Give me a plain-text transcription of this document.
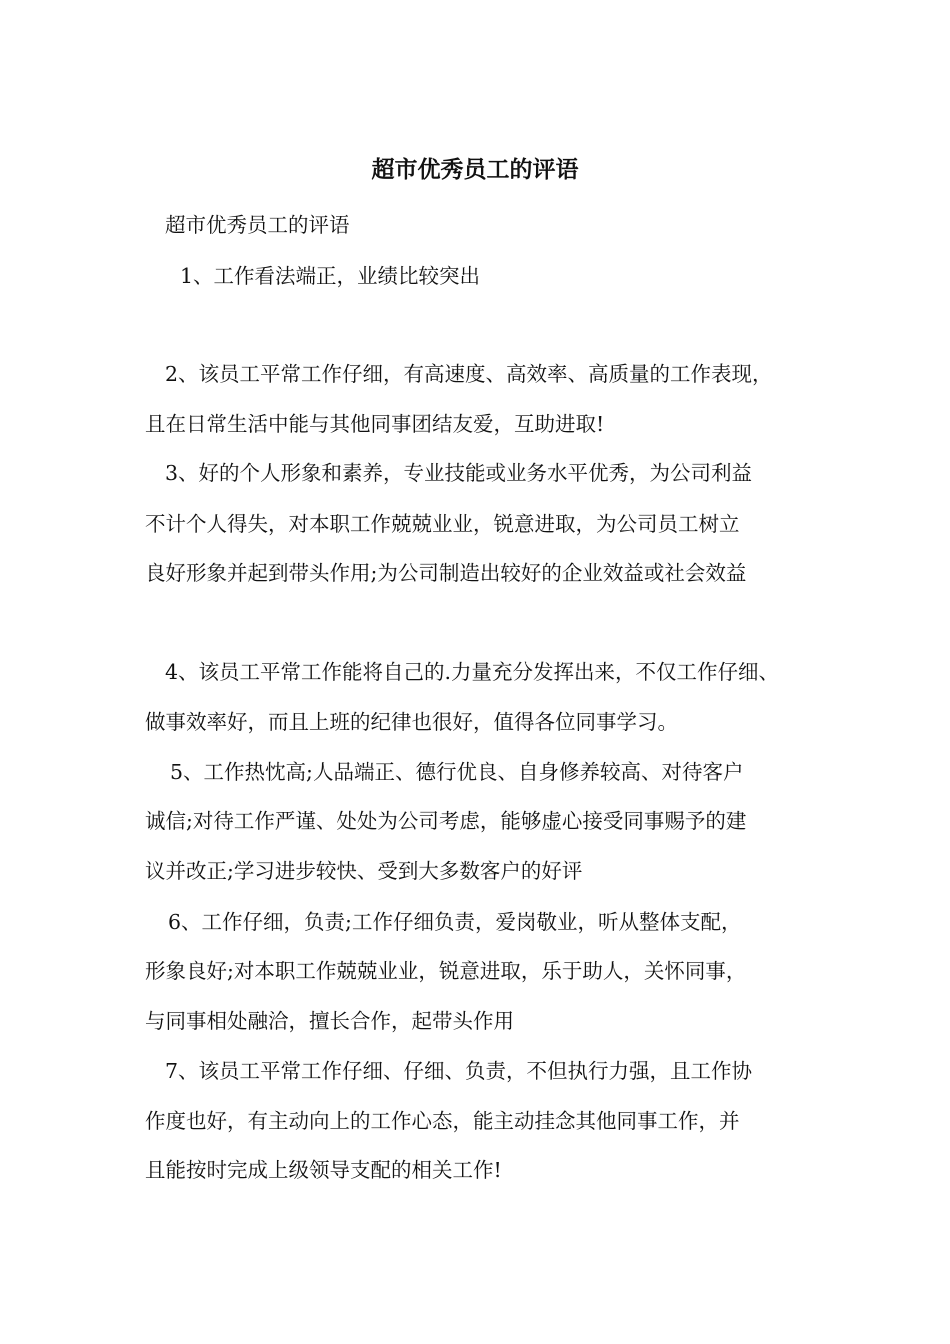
超市优秀员工的评语
超市优秀员工的评语
1、工作看法端正，业绩比较突出
2、该员工平常工作仔细，有高速度、高效率、高质量的工作表现，
且在日常生活中能与其他同事团结友爱，互助进取!
3、好的个人形象和素养，专业技能或业务水平优秀，为公司利益
不计个人得失，对本职工作兢兢业业，锐意进取，为公司员工树立
良好形象并起到带头作用;为公司制造出较好的企业效益或社会效益
4、该员工平常工作能将自己的.力量充分发挥出来，不仅工作仔细、
做事效率好，而且上班的纪律也很好，值得各位同事学习。
5、工作热忱高;人品端正、德行优良、自身修养较高、对待客户
诚信;对待工作严谨、处处为公司考虑，能够虚心接受同事赐予的建
议并改正;学习进步较快、受到大多数客户的好评
6、工作仔细，负责;工作仔细负责，爱岗敬业，听从整体支配，
形象良好;对本职工作兢兢业业，锐意进取，乐于助人，关怀同事，
与同事相处融洽，擅长合作，起带头作用
7、该员工平常工作仔细、仔细、负责，不但执行力强，且工作协
作度也好，有主动向上的工作心态，能主动挂念其他同事工作，并
且能按时完成上级领导支配的相关工作!
